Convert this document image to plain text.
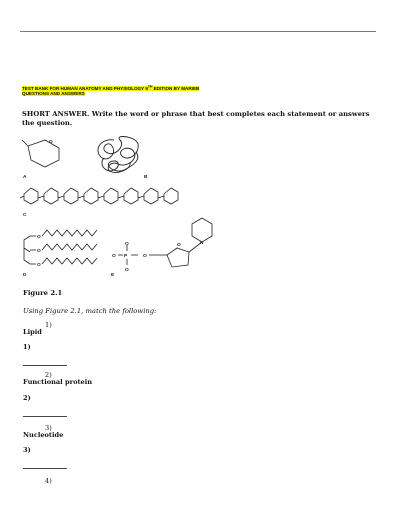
TEST BANK FOR HUMAN ANATOMY AND PHYSIOLOGY 9TH EDITION BY MARIEB
QUESTIONS AND ANSWERS
SHORT ANSWER. Write the word or phrase that best completes each statement or answers the question.
O
A	B
C
O
O
O
D
O P
O
O
O
O	N
E
Figure 2.1
Using Figure 2.1, match the following:
1)
Lipid
1)
2)
Functional protein
2)
3)
Nucleotide
3)
4)
